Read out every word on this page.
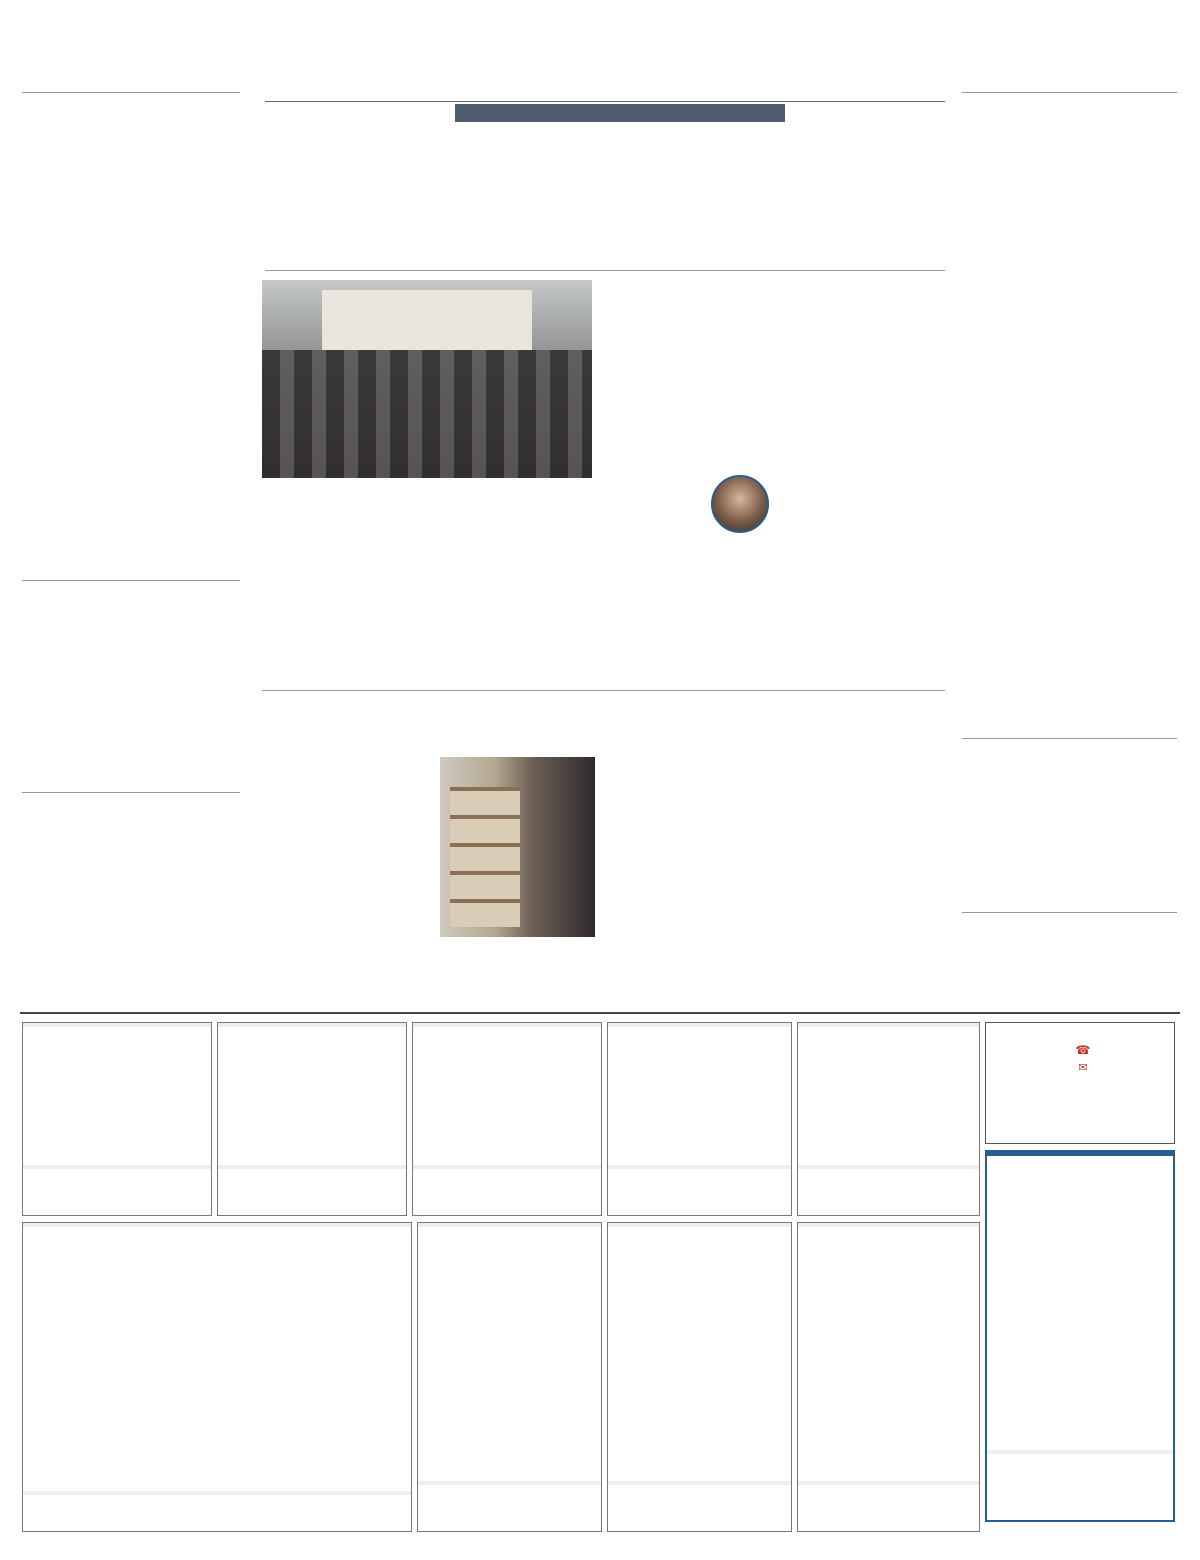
☎
✉
